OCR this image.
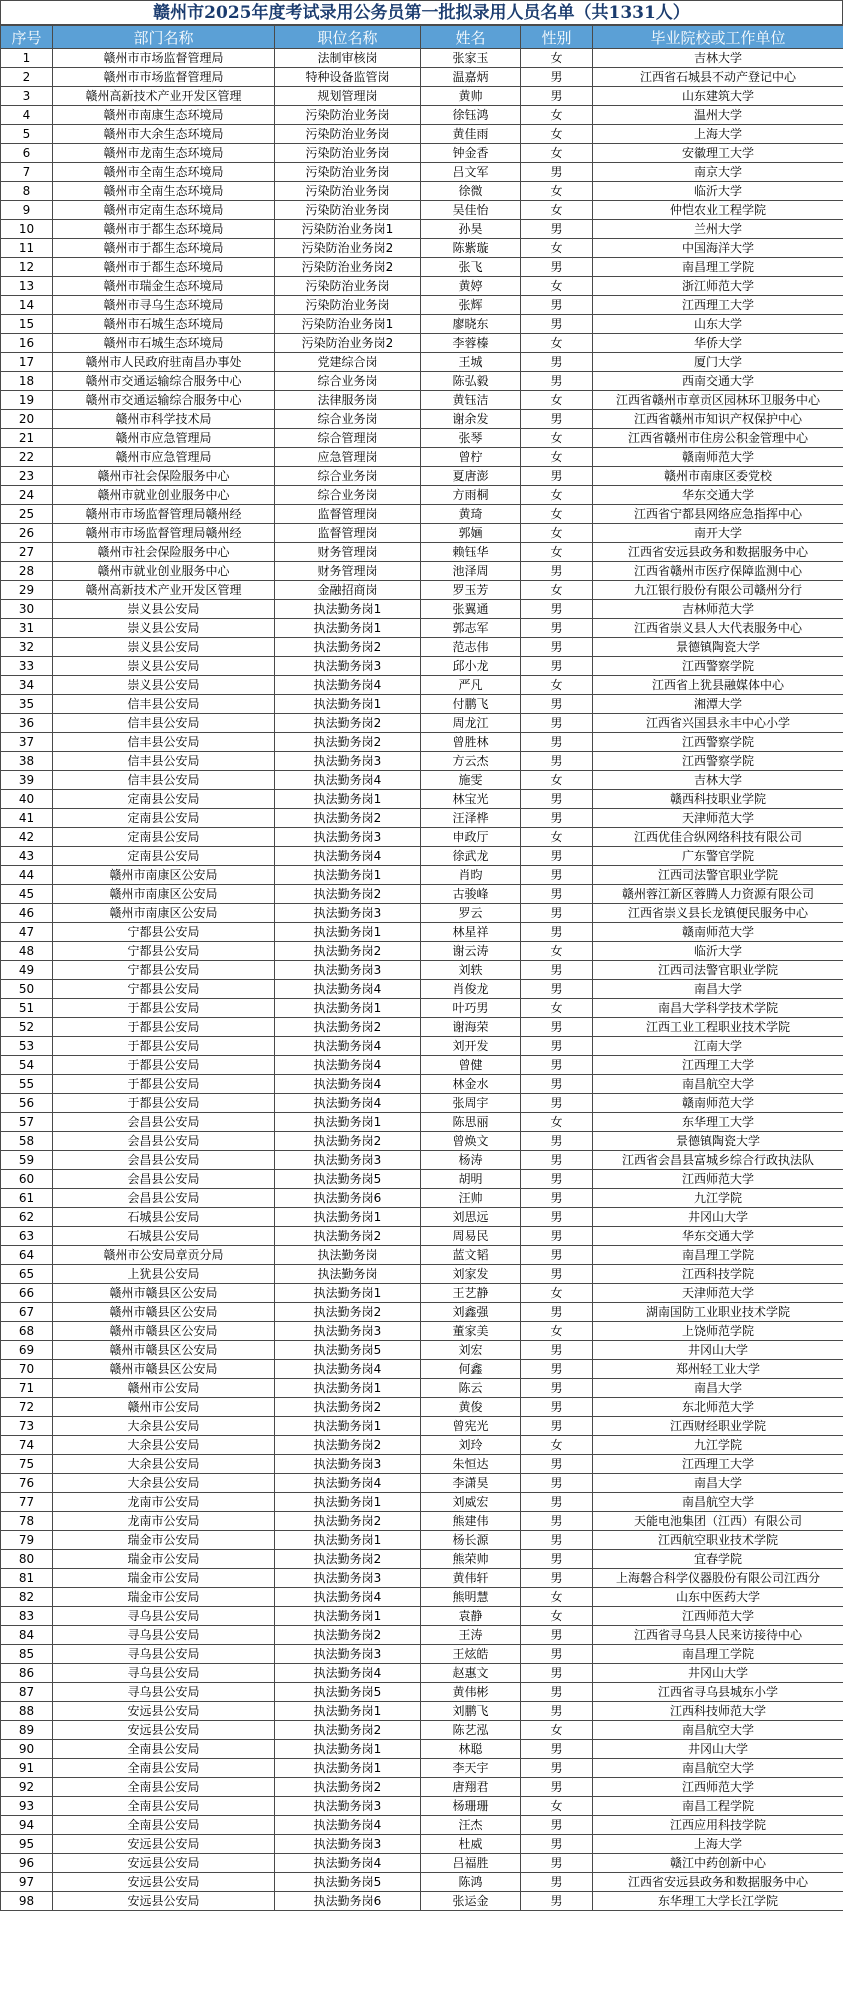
赣州市2025年度考试录用公务员第一批拟录用人员名单（共1331人）
序号	部门名称	职位名称	姓名	性别	毕业院校或工作单位
1	赣州市市场监督管理局	法制审核岗	张家玉	女	吉林大学
2	赣州市市场监督管理局	特种设备监管岗	温嘉炳	男	江西省石城县不动产登记中心
3	赣州高新技术产业开发区管理	规划管理岗	黄帅	男	山东建筑大学
4	赣州市南康生态环境局	污染防治业务岗	徐钰鸿	女	温州大学
5	赣州市大余生态环境局	污染防治业务岗	黄佳雨	女	上海大学
6	赣州市龙南生态环境局	污染防治业务岗	钟金香	女	安徽理工大学
7	赣州市全南生态环境局	污染防治业务岗	吕文军	男	南京大学
8	赣州市全南生态环境局	污染防治业务岗	徐微	女	临沂大学
9	赣州市定南生态环境局	污染防治业务岗	吴佳怡	女	仲恺农业工程学院
10	赣州市于都生态环境局	污染防治业务岗1	孙昊	男	兰州大学
11	赣州市于都生态环境局	污染防治业务岗2	陈紫璇	女	中国海洋大学
12	赣州市于都生态环境局	污染防治业务岗2	张飞	男	南昌理工学院
13	赣州市瑞金生态环境局	污染防治业务岗	黄婷	女	浙江师范大学
14	赣州市寻乌生态环境局	污染防治业务岗	张辉	男	江西理工大学
15	赣州市石城生态环境局	污染防治业务岗1	廖晓东	男	山东大学
16	赣州市石城生态环境局	污染防治业务岗2	李蓉榛	女	华侨大学
17	赣州市人民政府驻南昌办事处	党建综合岗	王城	男	厦门大学
18	赣州市交通运输综合服务中心	综合业务岗	陈弘毅	男	西南交通大学
19	赣州市交通运输综合服务中心	法律服务岗	黄钰洁	女	江西省赣州市章贡区园林环卫服务中心
20	赣州市科学技术局	综合业务岗	谢余发	男	江西省赣州市知识产权保护中心
21	赣州市应急管理局	综合管理岗	张琴	女	江西省赣州市住房公积金管理中心
22	赣州市应急管理局	应急管理岗	曾柠	女	赣南师范大学
23	赣州市社会保险服务中心	综合业务岗	夏唐澎	男	赣州市南康区委党校
24	赣州市就业创业服务中心	综合业务岗	方雨桐	女	华东交通大学
25	赣州市市场监督管理局赣州经	监督管理岗	黄琦	女	江西省宁都县网络应急指挥中心
26	赣州市市场监督管理局赣州经	监督管理岗	郭婳	女	南开大学
27	赣州市社会保险服务中心	财务管理岗	赖钰华	女	江西省安远县政务和数据服务中心
28	赣州市就业创业服务中心	财务管理岗	池泽周	男	江西省赣州市医疗保障监测中心
29	赣州高新技术产业开发区管理	金融招商岗	罗玉芳	女	九江银行股份有限公司赣州分行
30	崇义县公安局	执法勤务岗1	张翼通	男	吉林师范大学
31	崇义县公安局	执法勤务岗1	郭志军	男	江西省崇义县人大代表服务中心
32	崇义县公安局	执法勤务岗2	范志伟	男	景德镇陶瓷大学
33	崇义县公安局	执法勤务岗3	邱小龙	男	江西警察学院
34	崇义县公安局	执法勤务岗4	严凡	女	江西省上犹县融媒体中心
35	信丰县公安局	执法勤务岗1	付鹏飞	男	湘潭大学
36	信丰县公安局	执法勤务岗2	周龙江	男	江西省兴国县永丰中心小学
37	信丰县公安局	执法勤务岗2	曾胜林	男	江西警察学院
38	信丰县公安局	执法勤务岗3	方云杰	男	江西警察学院
39	信丰县公安局	执法勤务岗4	施雯	女	吉林大学
40	定南县公安局	执法勤务岗1	林宝光	男	赣西科技职业学院
41	定南县公安局	执法勤务岗2	汪泽桦	男	天津师范大学
42	定南县公安局	执法勤务岗3	申政厅	女	江西优佳合纵网络科技有限公司
43	定南县公安局	执法勤务岗4	徐武龙	男	广东警官学院
44	赣州市南康区公安局	执法勤务岗1	肖昀	男	江西司法警官职业学院
45	赣州市南康区公安局	执法勤务岗2	古骏峰	男	赣州蓉江新区蓉腾人力资源有限公司
46	赣州市南康区公安局	执法勤务岗3	罗云	男	江西省崇义县长龙镇便民服务中心
47	宁都县公安局	执法勤务岗1	林星祥	男	赣南师范大学
48	宁都县公安局	执法勤务岗2	谢云涛	女	临沂大学
49	宁都县公安局	执法勤务岗3	刘轶	男	江西司法警官职业学院
50	宁都县公安局	执法勤务岗4	肖俊龙	男	南昌大学
51	于都县公安局	执法勤务岗1	叶巧男	女	南昌大学科学技术学院
52	于都县公安局	执法勤务岗2	谢海荣	男	江西工业工程职业技术学院
53	于都县公安局	执法勤务岗4	刘开发	男	江南大学
54	于都县公安局	执法勤务岗4	曾健	男	江西理工大学
55	于都县公安局	执法勤务岗4	林金水	男	南昌航空大学
56	于都县公安局	执法勤务岗4	张周宇	男	赣南师范大学
57	会昌县公安局	执法勤务岗1	陈思丽	女	东华理工大学
58	会昌县公安局	执法勤务岗2	曾焕文	男	景德镇陶瓷大学
59	会昌县公安局	执法勤务岗3	杨涛	男	江西省会昌县富城乡综合行政执法队
60	会昌县公安局	执法勤务岗5	胡明	男	江西师范大学
61	会昌县公安局	执法勤务岗6	汪帅	男	九江学院
62	石城县公安局	执法勤务岗1	刘思远	男	井冈山大学
63	石城县公安局	执法勤务岗2	周易民	男	华东交通大学
64	赣州市公安局章贡分局	执法勤务岗	蓝文韬	男	南昌理工学院
65	上犹县公安局	执法勤务岗	刘家发	男	江西科技学院
66	赣州市赣县区公安局	执法勤务岗1	王艺静	女	天津师范大学
67	赣州市赣县区公安局	执法勤务岗2	刘鑫强	男	湖南国防工业职业技术学院
68	赣州市赣县区公安局	执法勤务岗3	董家美	女	上饶师范学院
69	赣州市赣县区公安局	执法勤务岗5	刘宏	男	井冈山大学
70	赣州市赣县区公安局	执法勤务岗4	何鑫	男	郑州轻工业大学
71	赣州市公安局	执法勤务岗1	陈云	男	南昌大学
72	赣州市公安局	执法勤务岗2	黄俊	男	东北师范大学
73	大余县公安局	执法勤务岗1	曾宪光	男	江西财经职业学院
74	大余县公安局	执法勤务岗2	刘玲	女	九江学院
75	大余县公安局	执法勤务岗3	朱恒达	男	江西理工大学
76	大余县公安局	执法勤务岗4	李潇昊	男	南昌大学
77	龙南市公安局	执法勤务岗1	刘威宏	男	南昌航空大学
78	龙南市公安局	执法勤务岗2	熊建伟	男	天能电池集团（江西）有限公司
79	瑞金市公安局	执法勤务岗1	杨长源	男	江西航空职业技术学院
80	瑞金市公安局	执法勤务岗2	熊荣帅	男	宜春学院
81	瑞金市公安局	执法勤务岗3	黄伟轩	男	上海磐合科学仪器股份有限公司江西分
82	瑞金市公安局	执法勤务岗4	熊明慧	女	山东中医药大学
83	寻乌县公安局	执法勤务岗1	袁静	女	江西师范大学
84	寻乌县公安局	执法勤务岗2	王涛	男	江西省寻乌县人民来访接待中心
85	寻乌县公安局	执法勤务岗3	王炫皓	男	南昌理工学院
86	寻乌县公安局	执法勤务岗4	赵惠文	男	井冈山大学
87	寻乌县公安局	执法勤务岗5	黄伟彬	男	江西省寻乌县城东小学
88	安远县公安局	执法勤务岗1	刘鹏飞	男	江西科技师范大学
89	安远县公安局	执法勤务岗2	陈艺泓	女	南昌航空大学
90	全南县公安局	执法勤务岗1	林聪	男	井冈山大学
91	全南县公安局	执法勤务岗1	李天宇	男	南昌航空大学
92	全南县公安局	执法勤务岗2	唐翔君	男	江西师范大学
93	全南县公安局	执法勤务岗3	杨珊珊	女	南昌工程学院
94	全南县公安局	执法勤务岗4	汪杰	男	江西应用科技学院
95	安远县公安局	执法勤务岗3	杜威	男	上海大学
96	安远县公安局	执法勤务岗4	吕福胜	男	赣江中药创新中心
97	安远县公安局	执法勤务岗5	陈鸿	男	江西省安远县政务和数据服务中心
98	安远县公安局	执法勤务岗6	张运金	男	东华理工大学长江学院
